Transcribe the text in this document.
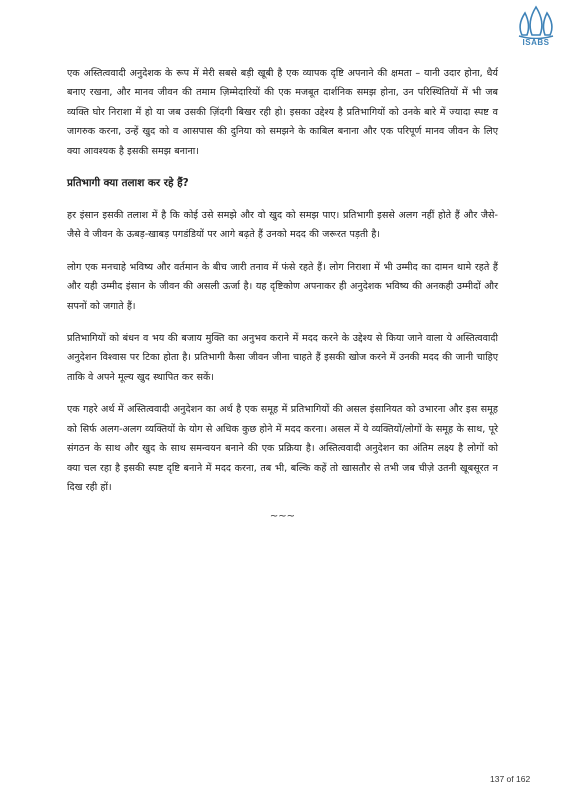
ISABS

एक अस्तित्ववादी अनुदेशक के रूप में मेरी सबसे बड़ी खूबी है एक व्यापक दृष्टि अपनाने की क्षमता – यानी उदार होना, धैर्य बनाए रखना, और मानव जीवन की तमाम ज़िम्मेदारियों की एक मजबूत दार्शनिक समझ होना, उन परिस्थितियों में भी जब व्यक्ति घोर निराशा में हो या जब उसकी ज़िंदगी बिखर रही हो। इसका उद्देश्य है प्रतिभागियों को उनके बारे में ज्यादा स्पष्ट व जागरुक करना, उन्हें खुद को व आसपास की दुनिया को समझने के काबिल बनाना और एक परिपूर्ण मानव जीवन के लिए क्या आवश्यक है इसकी समझ बनाना।

प्रतिभागी क्या तलाश कर रहे हैं?

हर इंसान इसकी तलाश में है कि कोई उसे समझे और वो खुद को समझ पाए। प्रतिभागी इससे अलग नहीं होते हैं और जैसे-जैसे वे जीवन के ऊबड़-खाबड़ पगडंडियों पर आगे बढ़ते हैं उनको मदद की जरूरत पड़ती है।

लोग एक मनचाहे भविष्य और वर्तमान के बीच जारी तनाव में फंसे रहते हैं। लोग निराशा में भी उम्मीद का दामन थामे रहते हैं और यही उम्मीद इंसान के जीवन की असली ऊर्जा है। यह दृष्टिकोण अपनाकर ही अनुदेशक भविष्य की अनकही उम्मीदों और सपनों को जगाते हैं।

प्रतिभागियों को बंधन व भय की बजाय मुक्ति का अनुभव कराने में मदद करने के उद्देश्य से किया जाने वाला ये अस्तित्ववादी अनुदेशन विश्वास पर टिका होता है। प्रतिभागी कैसा जीवन जीना चाहते हैं इसकी खोज करने में उनकी मदद की जानी चाहिए ताकि वे अपने मूल्य खुद स्थापित कर सकें।

एक गहरे अर्थ में अस्तित्ववादी अनुदेशन का अर्थ है एक समूह में प्रतिभागियों की असल इंसानियत को उभारना और इस समूह को सिर्फ अलग-अलग व्यक्तियों के योग से अधिक कुछ होने में मदद करना। असल में ये व्यक्तियों/लोगों के समूह के साथ, पूरे संगठन के साथ और खुद के साथ समन्वयन बनाने की एक प्रक्रिया है। अस्तित्ववादी अनुदेशन का अंतिम लक्ष्य है लोगों को क्या चल रहा है इसकी स्पष्ट दृष्टि बनाने में मदद करना, तब भी, बल्कि कहें तो खासतौर से तभी जब चीज़े उतनी खूबसूरत न दिख रही हों।

~~~
137 of 162
